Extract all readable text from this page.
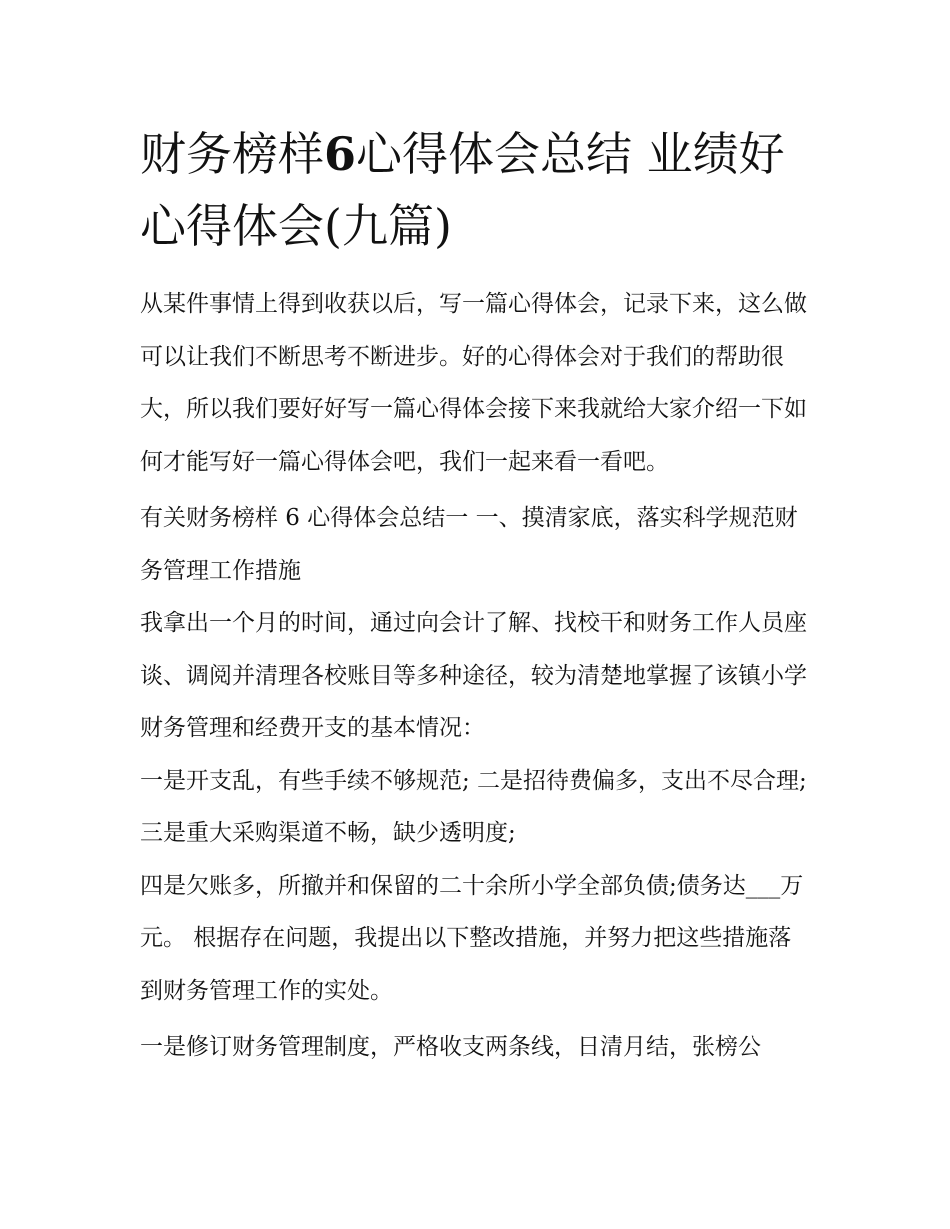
财务榜样6心得体会总结 业绩好心得体会(九篇)

从某件事情上得到收获以后，写一篇心得体会，记录下来，这么做可以让我们不断思考不断进步。好的心得体会对于我们的帮助很大，所以我们要好好写一篇心得体会接下来我就给大家介绍一下如何才能写好一篇心得体会吧，我们一起来看一看吧。

有关财务榜样 6 心得体会总结一 一、摸清家底，落实科学规范财务管理工作措施

我拿出一个月的时间，通过向会计了解、找校干和财务工作人员座谈、调阅并清理各校账目等多种途径，较为清楚地掌握了该镇小学财务管理和经费开支的基本情况：

一是开支乱，有些手续不够规范; 二是招待费偏多，支出不尽合理; 三是重大采购渠道不畅，缺少透明度;

四是欠账多，所撤并和保留的二十余所小学全部负债;债务达___万元。 根据存在问题，我提出以下整改措施，并努力把这些措施落到财务管理工作的实处。

一是修订财务管理制度，严格收支两条线，日清月结，张榜公
